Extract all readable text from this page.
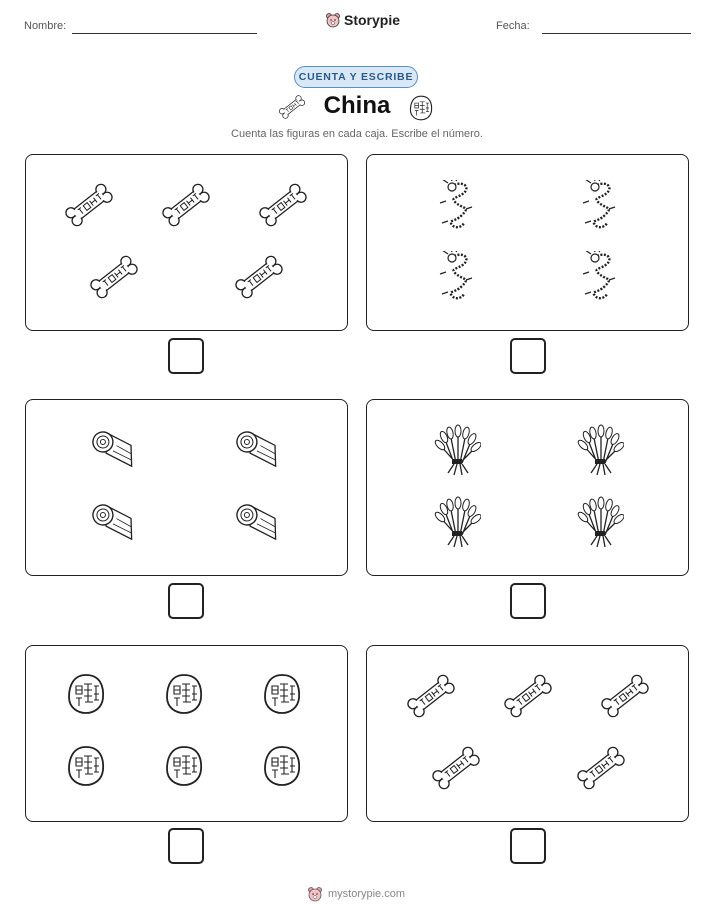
Nombre:	Storypie	Fecha:
CUENTA Y ESCRIBE
China
Cuenta las figuras en cada caja. Escribe el número.
mystorypie.com
